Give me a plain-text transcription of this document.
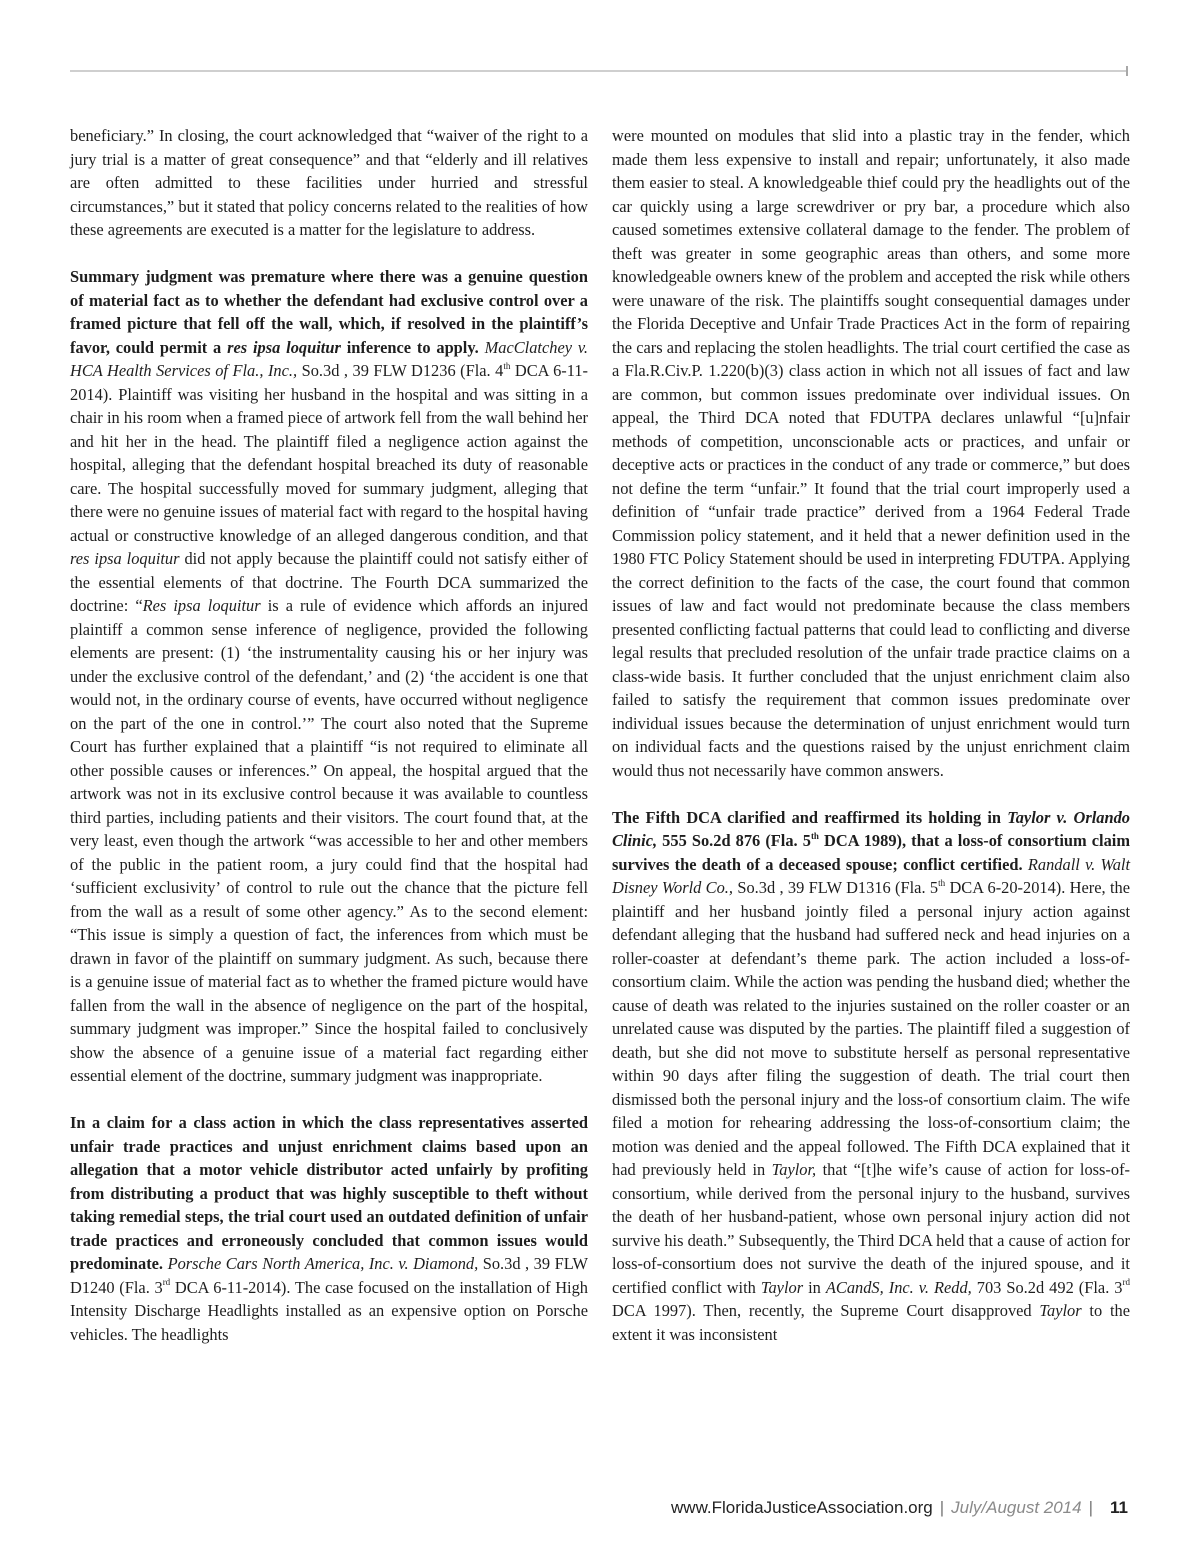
beneficiary.” In closing, the court acknowledged that “waiver of the right to a jury trial is a matter of great consequence” and that “elderly and ill relatives are often admitted to these facilities under hurried and stressful circumstances,” but it stated that policy concerns related to the realities of how these agreements are executed is a matter for the legislature to address.

Summary judgment was premature where there was a genuine question of material fact as to whether the defendant had exclusive control over a framed picture that fell off the wall, which, if resolved in the plaintiff’s favor, could permit a res ipsa loquitur inference to apply. MacClatchey v. HCA Health Services of Fla., Inc., So.3d , 39 FLW D1236 (Fla. 4th DCA 6-11-2014). Plaintiff was visiting her husband in the hospital and was sitting in a chair in his room when a framed piece of artwork fell from the wall behind her and hit her in the head. The plaintiff filed a negligence action against the hospital, alleging that the defendant hospital breached its duty of reasonable care. The hospital successfully moved for summary judgment, alleging that there were no genuine issues of material fact with regard to the hospital having actual or constructive knowledge of an alleged dangerous condition, and that res ipsa loquitur did not apply because the plaintiff could not satisfy either of the essential elements of that doctrine. The Fourth DCA summarized the doctrine: “Res ipsa loquitur is a rule of evidence which affords an injured plaintiff a common sense inference of negligence, provided the following elements are present: (1) ‘the instrumentality causing his or her injury was under the exclusive control of the defendant,’ and (2) ‘the accident is one that would not, in the ordinary course of events, have occurred without negligence on the part of the one in control.’” The court also noted that the Supreme Court has further explained that a plaintiff “is not required to eliminate all other possible causes or inferences.” On appeal, the hospital argued that the artwork was not in its exclusive control because it was available to countless third parties, including patients and their visitors. The court found that, at the very least, even though the artwork “was accessible to her and other members of the public in the patient room, a jury could find that the hospital had ‘sufficient exclusivity’ of control to rule out the chance that the picture fell from the wall as a result of some other agency.” As to the second element: “This issue is simply a question of fact, the inferences from which must be drawn in favor of the plaintiff on summary judgment. As such, because there is a genuine issue of material fact as to whether the framed picture would have fallen from the wall in the absence of negligence on the part of the hospital, summary judgment was improper.” Since the hospital failed to conclusively show the absence of a genuine issue of a material fact regarding either essential element of the doctrine, summary judgment was inappropriate.

In a claim for a class action in which the class representatives asserted unfair trade practices and unjust enrichment claims based upon an allegation that a motor vehicle distributor acted unfairly by profiting from distributing a product that was highly susceptible to theft without taking remedial steps, the trial court used an outdated definition of unfair trade practices and erroneously concluded that common issues would predominate. Porsche Cars North America, Inc. v. Diamond, So.3d , 39 FLW D1240 (Fla. 3rd DCA 6-11-2014). The case focused on the installation of High Intensity Discharge Headlights installed as an expensive option on Porsche vehicles. The headlights

were mounted on modules that slid into a plastic tray in the fender, which made them less expensive to install and repair; unfortunately, it also made them easier to steal. A knowledgeable thief could pry the headlights out of the car quickly using a large screwdriver or pry bar, a procedure which also caused sometimes extensive collateral damage to the fender. The problem of theft was greater in some geographic areas than others, and some more knowledgeable owners knew of the problem and accepted the risk while others were unaware of the risk. The plaintiffs sought consequential damages under the Florida Deceptive and Unfair Trade Practices Act in the form of repairing the cars and replacing the stolen headlights. The trial court certified the case as a Fla.R.Civ.P. 1.220(b)(3) class action in which not all issues of fact and law are common, but common issues predominate over individual issues. On appeal, the Third DCA noted that FDUTPA declares unlawful “[u]nfair methods of competition, unconscionable acts or practices, and unfair or deceptive acts or practices in the conduct of any trade or commerce,” but does not define the term “unfair.” It found that the trial court improperly used a definition of “unfair trade practice” derived from a 1964 Federal Trade Commission policy statement, and it held that a newer definition used in the 1980 FTC Policy Statement should be used in interpreting FDUTPA. Applying the correct definition to the facts of the case, the court found that common issues of law and fact would not predominate because the class members presented conflicting factual patterns that could lead to conflicting and diverse legal results that precluded resolution of the unfair trade practice claims on a class-wide basis. It further concluded that the unjust enrichment claim also failed to satisfy the requirement that common issues predominate over individual issues because the determination of unjust enrichment would turn on individual facts and the questions raised by the unjust enrichment claim would thus not necessarily have common answers.

The Fifth DCA clarified and reaffirmed its holding in Taylor v. Orlando Clinic, 555 So.2d 876 (Fla. 5th DCA 1989), that a loss-of consortium claim survives the death of a deceased spouse; conflict certified. Randall v. Walt Disney World Co., So.3d , 39 FLW D1316 (Fla. 5th DCA 6-20-2014). Here, the plaintiff and her husband jointly filed a personal injury action against defendant alleging that the husband had suffered neck and head injuries on a roller-coaster at defendant’s theme park. The action included a loss-of-consortium claim. While the action was pending the husband died; whether the cause of death was related to the injuries sustained on the roller coaster or an unrelated cause was disputed by the parties. The plaintiff filed a suggestion of death, but she did not move to substitute herself as personal representative within 90 days after filing the suggestion of death. The trial court then dismissed both the personal injury and the loss-of consortium claim. The wife filed a motion for rehearing addressing the loss-of-consortium claim; the motion was denied and the appeal followed. The Fifth DCA explained that it had previously held in Taylor, that “[t]he wife’s cause of action for loss-of-consortium, while derived from the personal injury to the husband, survives the death of her husband-patient, whose own personal injury action did not survive his death.” Subsequently, the Third DCA held that a cause of action for loss-of-consortium does not survive the death of the injured spouse, and it certified conflict with Taylor in ACandS, Inc. v. Redd, 703 So.2d 492 (Fla. 3rd DCA 1997). Then, recently, the Supreme Court disapproved Taylor to the extent it was inconsistent

www.FloridaJusticeAssociation.org | July/August 2014 | 11
